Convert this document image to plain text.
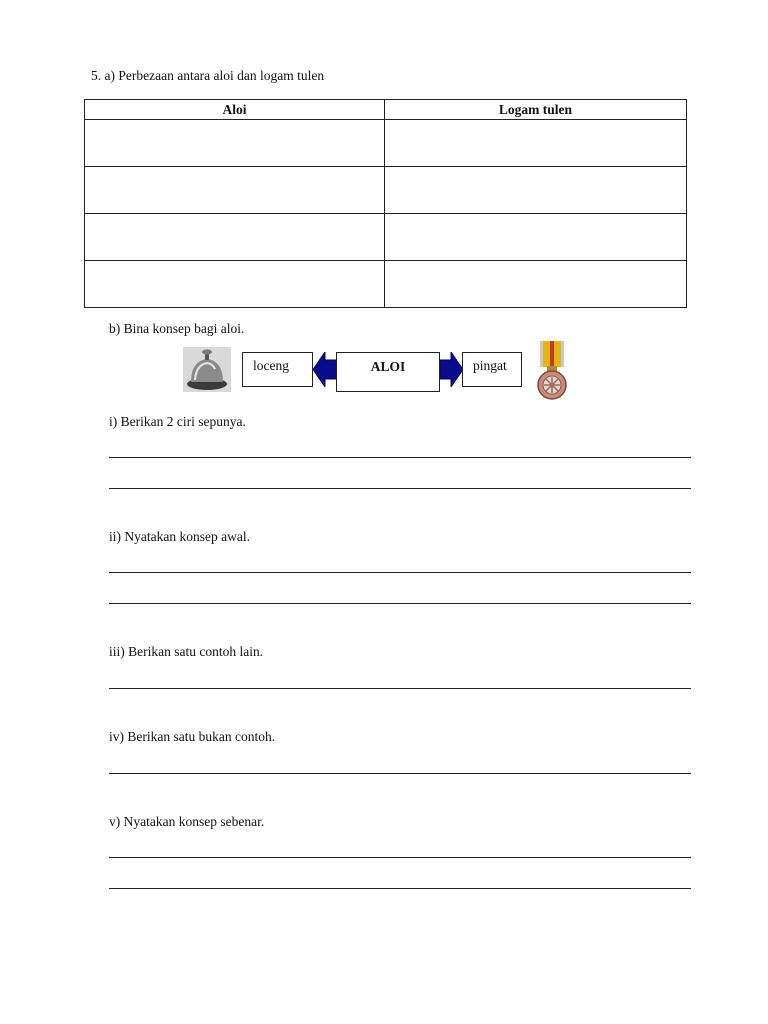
5. a) Perbezaan antara aloi dan logam tulen
Aloi	Logam tulen

b) Bina konsep bagi aloi.
loceng	ALOI	pingat
i) Berikan 2 ciri sepunya.
ii) Nyatakan konsep awal.
iii) Berikan satu contoh lain.
iv) Berikan satu bukan contoh.
v) Nyatakan konsep sebenar.
